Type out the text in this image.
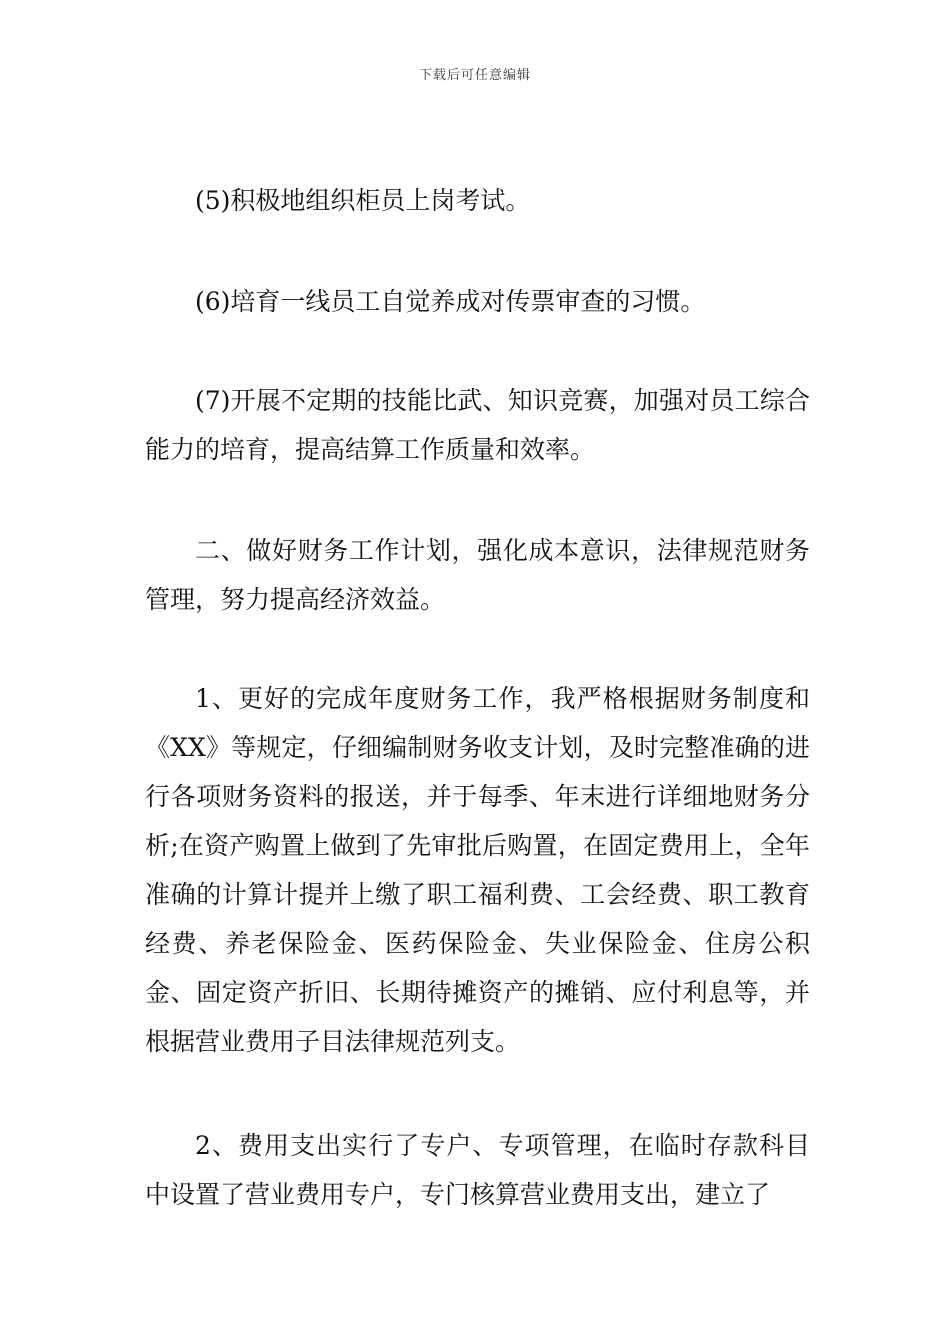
下载后可任意编辑

(5)积极地组织柜员上岗考试。

(6)培育一线员工自觉养成对传票审查的习惯。

(7)开展不定期的技能比武、知识竞赛，加强对员工综合能力的培育，提高结算工作质量和效率。

二、做好财务工作计划，强化成本意识，法律规范财务管理，努力提高经济效益。

1、更好的完成年度财务工作，我严格根据财务制度和《XX》等规定，仔细编制财务收支计划，及时完整准确的进行各项财务资料的报送，并于每季、年末进行详细地财务分析;在资产购置上做到了先审批后购置，在固定费用上，全年准确的计算计提并上缴了职工福利费、工会经费、职工教育经费、养老保险金、医药保险金、失业保险金、住房公积金、固定资产折旧、长期待摊资产的摊销、应付利息等，并根据营业费用子目法律规范列支。

2、费用支出实行了专户、专项管理，在临时存款科目中设置了营业费用专户，专门核算营业费用支出，建立了
